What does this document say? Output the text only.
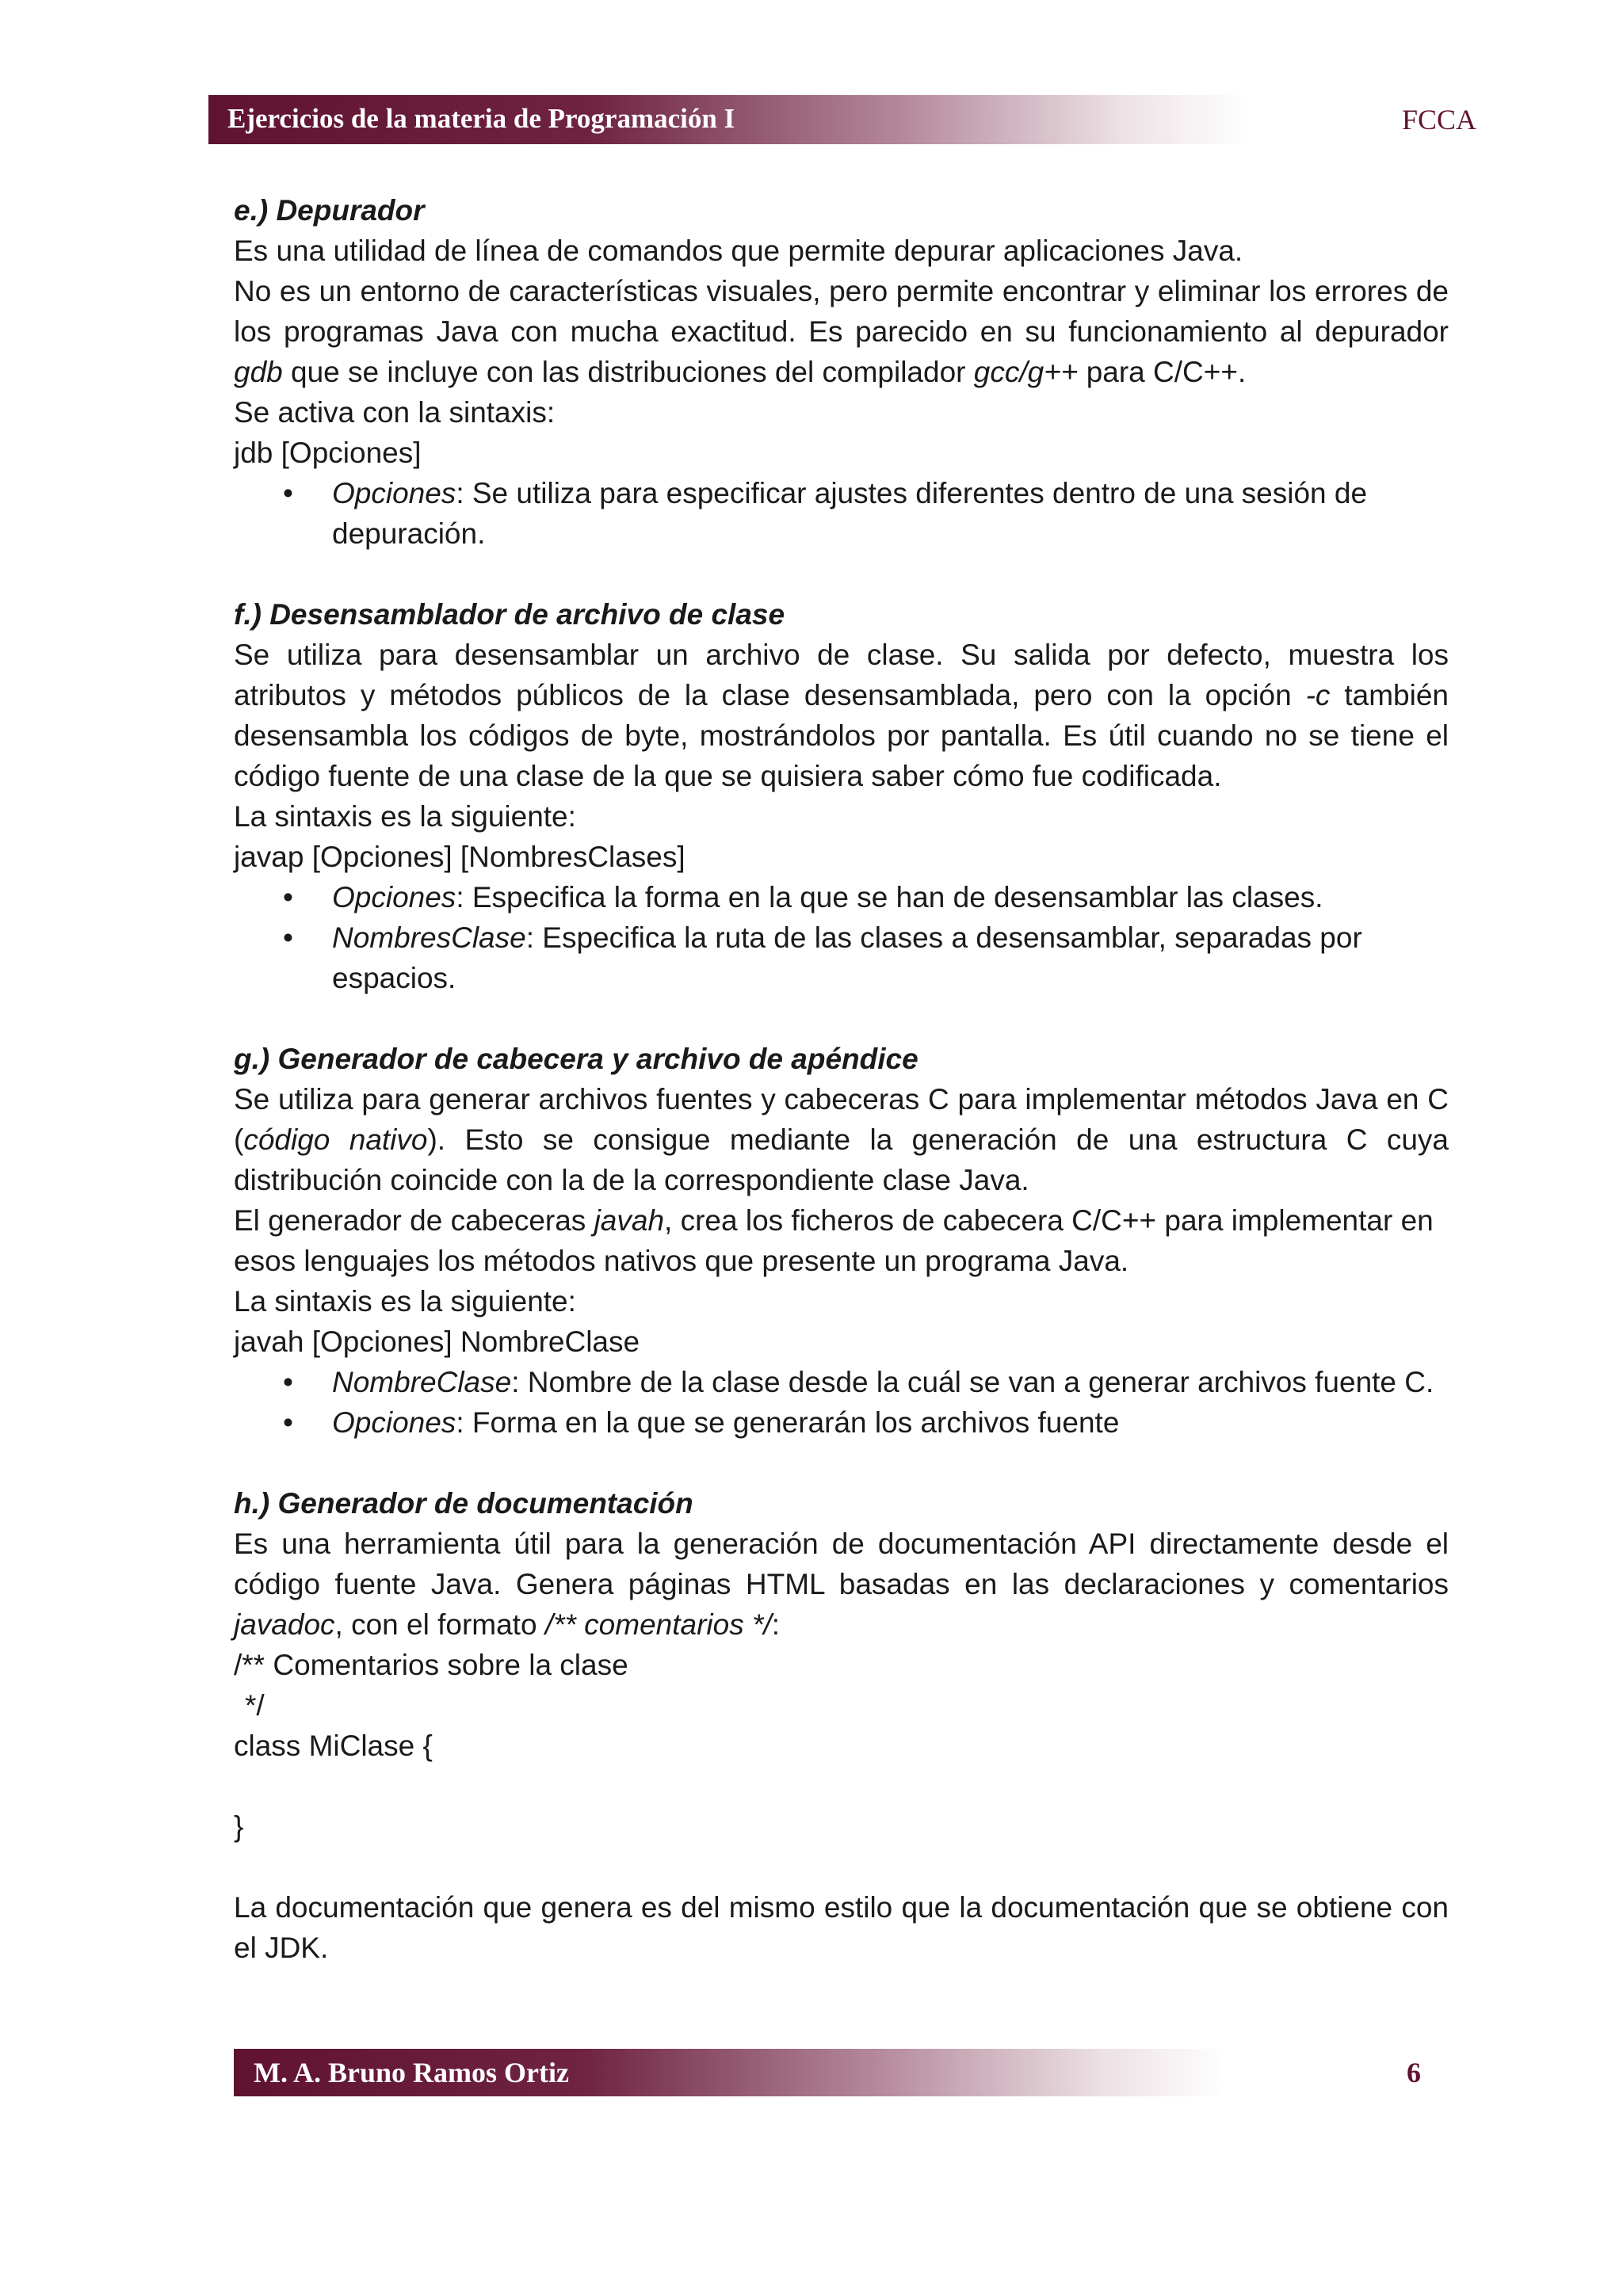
Ejercicios de la materia de Programación I	FCCA

e.) Depurador

Es una utilidad de línea de comandos que permite depurar aplicaciones Java.

No es un entorno de características visuales, pero permite encontrar y eliminar los errores de los programas Java con mucha exactitud. Es parecido en su funcionamiento al depurador gdb que se incluye con las distribuciones del compilador gcc/g++ para C/C++.

Se activa con la sintaxis:

jdb [Opciones]

• Opciones: Se utiliza para especificar ajustes diferentes dentro de una sesión de depuración.

f.) Desensamblador de archivo de clase

Se utiliza para desensamblar un archivo de clase. Su salida por defecto, muestra los atributos y métodos públicos de la clase desensamblada, pero con la opción -c también desensambla los códigos de byte, mostrándolos por pantalla. Es útil cuando no se tiene el código fuente de una clase de la que se quisiera saber cómo fue codificada.

La sintaxis es la siguiente:

javap [Opciones] [NombresClases]

• Opciones: Especifica la forma en la que se han de desensamblar las clases.
• NombresClase: Especifica la ruta de las clases a desensamblar, separadas por espacios.

g.) Generador de cabecera y archivo de apéndice

Se utiliza para generar archivos fuentes y cabeceras C para implementar métodos Java en C (código nativo). Esto se consigue mediante la generación de una estructura C cuya distribución coincide con la de la correspondiente clase Java.

El generador de cabeceras javah, crea los ficheros de cabecera C/C++ para implementar en esos lenguajes los métodos nativos que presente un programa Java.

La sintaxis es la siguiente:

javah [Opciones] NombreClase

• NombreClase: Nombre de la clase desde la cuál se van a generar archivos fuente C.
• Opciones: Forma en la que se generarán los archivos fuente

h.) Generador de documentación

Es una herramienta útil para la generación de documentación API directamente desde el código fuente Java. Genera páginas HTML basadas en las declaraciones y comentarios javadoc, con el formato /** comentarios */:

/** Comentarios sobre la clase

*/

class MiClase {

}

La documentación que genera es del mismo estilo que la documentación que se obtiene con el JDK.

M. A. Bruno Ramos Ortiz	6
